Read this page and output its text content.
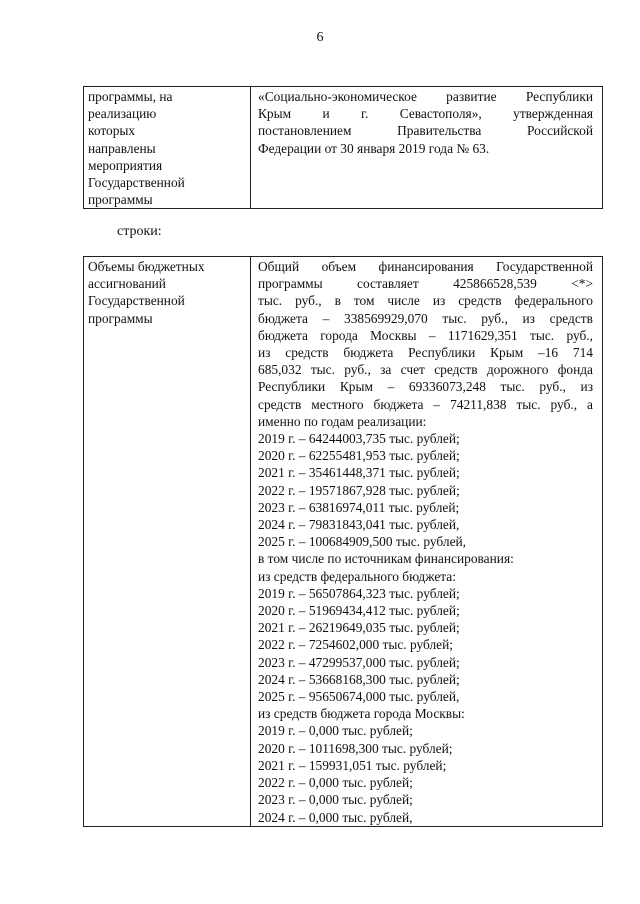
6
программы, на
реализацию
которых
направлены
мероприятия
Государственной
программы

«Социально-экономическое развитие Республики
Крым и г. Севастополя», утвержденная
постановлением Правительства Российской
Федерации от 30 января 2019 года № 63.
строки:
Объемы бюджетных
ассигнований
Государственной
программы

Общий объем финансирования Государственной
программы составляет 425866528,539 <*>
тыс. руб., в том числе из средств федерального
бюджета – 338569929,070 тыс. руб., из средств
бюджета города Москвы – 1171629,351 тыс. руб.,
из средств бюджета Республики Крым –16 714
685,032 тыс. руб., за счет средств дорожного фонда
Республики Крым – 69336073,248 тыс. руб., из
средств местного бюджета – 74211,838 тыс. руб., а
именно по годам реализации:
2019 г. – 64244003,735 тыс. рублей;
2020 г. – 62255481,953 тыс. рублей;
2021 г. – 35461448,371 тыс. рублей;
2022 г. – 19571867,928 тыс. рублей;
2023 г. – 63816974,011 тыс. рублей;
2024 г. – 79831843,041 тыс. рублей,
2025 г. – 100684909,500 тыс. рублей,
в том числе по источникам финансирования:
из средств федерального бюджета:
2019 г. – 56507864,323 тыс. рублей;
2020 г. – 51969434,412 тыс. рублей;
2021 г. – 26219649,035 тыс. рублей;
2022 г. – 7254602,000 тыс. рублей;
2023 г. – 47299537,000 тыс. рублей;
2024 г. – 53668168,300 тыс. рублей;
2025 г. – 95650674,000 тыс. рублей,
из средств бюджета города Москвы:
2019 г. – 0,000 тыс. рублей;
2020 г. – 1011698,300 тыс. рублей;
2021 г. – 159931,051 тыс. рублей;
2022 г. – 0,000 тыс. рублей;
2023 г. – 0,000 тыс. рублей;
2024 г. – 0,000 тыс. рублей,
